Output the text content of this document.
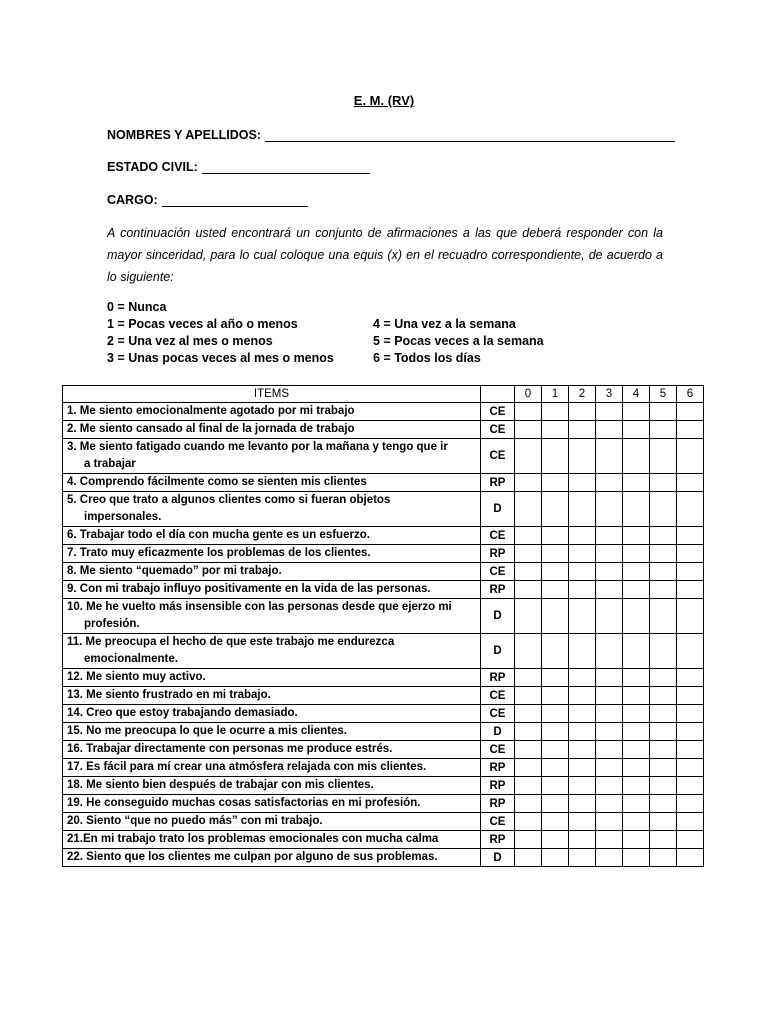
E. M. (RV)
NOMBRES Y APELLIDOS:
ESTADO CIVIL:
CARGO:
A continuación usted encontrará un conjunto de afirmaciones a las que deberá responder con la mayor sinceridad, para lo cual coloque una equis (x) en el recuadro correspondiente, de acuerdo a lo siguiente:
0 = Nunca
1 = Pocas veces al año o menos	4 = Una vez a la semana
2 = Una vez al mes o menos	5 = Pocas veces a la semana
3 = Unas pocas veces al mes o menos	6 = Todos los días
ITEMS		0	1	2	3	4	5	6
1. Me siento emocionalmente agotado por mi trabajo	CE							
2. Me siento cansado al final de la jornada de trabajo	CE							
3. Me siento fatigado cuando me levanto por la mañana y tengo que ir
a trabajar	CE							
4. Comprendo fácilmente como se sienten mis clientes	RP							
5. Creo que trato a algunos clientes como si fueran objetos
impersonales.	D							
6. Trabajar todo el día con mucha gente es un esfuerzo.	CE							
7. Trato muy eficazmente los problemas de los clientes.	RP							
8. Me siento “quemado” por mi trabajo.	CE							
9. Con mi trabajo influyo positivamente en la vida de las personas.	RP							
10. Me he vuelto más insensible con las personas desde que ejerzo mi
profesión.	D							
11. Me preocupa el hecho de que este trabajo me endurezca
emocionalmente.	D							
12. Me siento muy activo.	RP							
13. Me siento frustrado en mi trabajo.	CE							
14. Creo que estoy trabajando demasiado.	CE							
15. No me preocupa lo que le ocurre a mis clientes.	D							
16. Trabajar directamente con personas me produce estrés.	CE							
17. Es fácil para mí crear una atmósfera relajada con mis clientes.	RP							
18. Me siento bien después de trabajar con mis clientes.	RP							
19. He conseguido muchas cosas satisfactorias en mi profesión.	RP							
20. Siento “que no puedo más” con mi trabajo.	CE							
21.En mi trabajo trato los problemas emocionales con mucha calma	RP							
22. Siento que los clientes me culpan por alguno de sus problemas.	D							
